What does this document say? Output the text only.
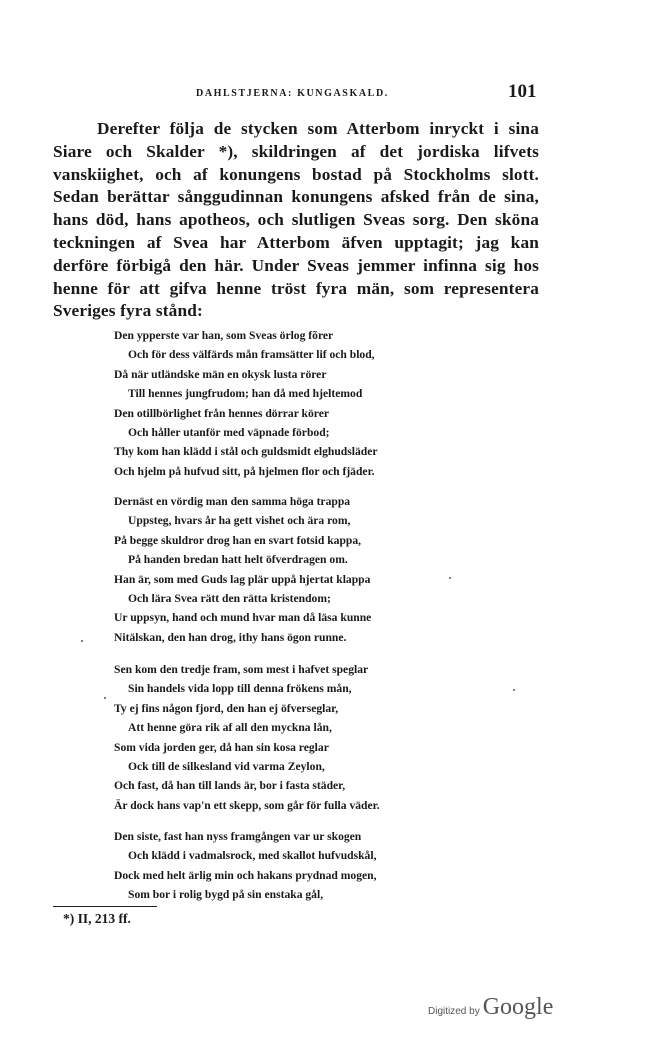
DAHLSTJERNA: KUNGASKALD.	101

Derefter följa de stycken som Atterbom inryckt i sina Siare och Skalder *), skildringen af det jordiska lifvets vanskiighet, och af konungens bostad på Stockholms slott. Sedan berättar sånggudinnan konungens afsked från de sina, hans död, hans apotheos, och slutligen Sveas sorg. Den sköna teckningen af Svea har Atterbom äfven upptagit; jag kan derföre förbigå den här. Under Sveas jemmer infinna sig hos henne för att gifva henne tröst fyra män, som representera Sveriges fyra stånd:

Den ypperste var han, som Sveas örlog fõrer
Och för dess välfärds mån framsätter lif och blod,
Då när utländske män en okysk lusta rörer
Till hennes jungfrudom; han då med hjeltemod
Den otillbörlighet från hennes dörrar körer
Och håller utanför med väpnade förbod;
Thy kom han klädd i stål och guldsmidt elghudsläder
Och hjelm på hufvud sitt, på hjelmen flor och fjäder.
Dernäst en vördig man den samma höga trappa
Uppsteg, hvars år ha gett vishet och ära rom,
På begge skuldror drog han en svart fotsid kappa,
På handen bredan hatt helt öfverdragen om.
Han är, som med Guds lag plär uppå hjertat klappa
Och lära Svea rätt den rätta kristendom;
Ur uppsyn, hand och mund hvar man då läsa kunne
Nitälskan, den han drog, ithy hans ögon runne.
Sen kom den tredje fram, som mest i hafvet speglar
Sin handels vida lopp till denna frökens mån,
Ty ej fins någon fjord, den han ej öfverseglar,
Att henne göra rik af all den myckna lån,
Som vida jorden ger, då han sin kosa reglar
Ock till de silkesland vid varma Zeylon,
Och fast, då han till lands är, bor i fasta städer,
Är dock hans vap'n ett skepp, som går för fulla väder.
Den siste, fast han nyss framgången var ur skogen
Och klädd i vadmalsrock, med skallot hufvudskål,
Dock med helt ärlig min och hakans prydnad mogen,
Som bor i rolig bygd på sin enstaka gål,
*) II, 213 ff.
Digitized by Google
